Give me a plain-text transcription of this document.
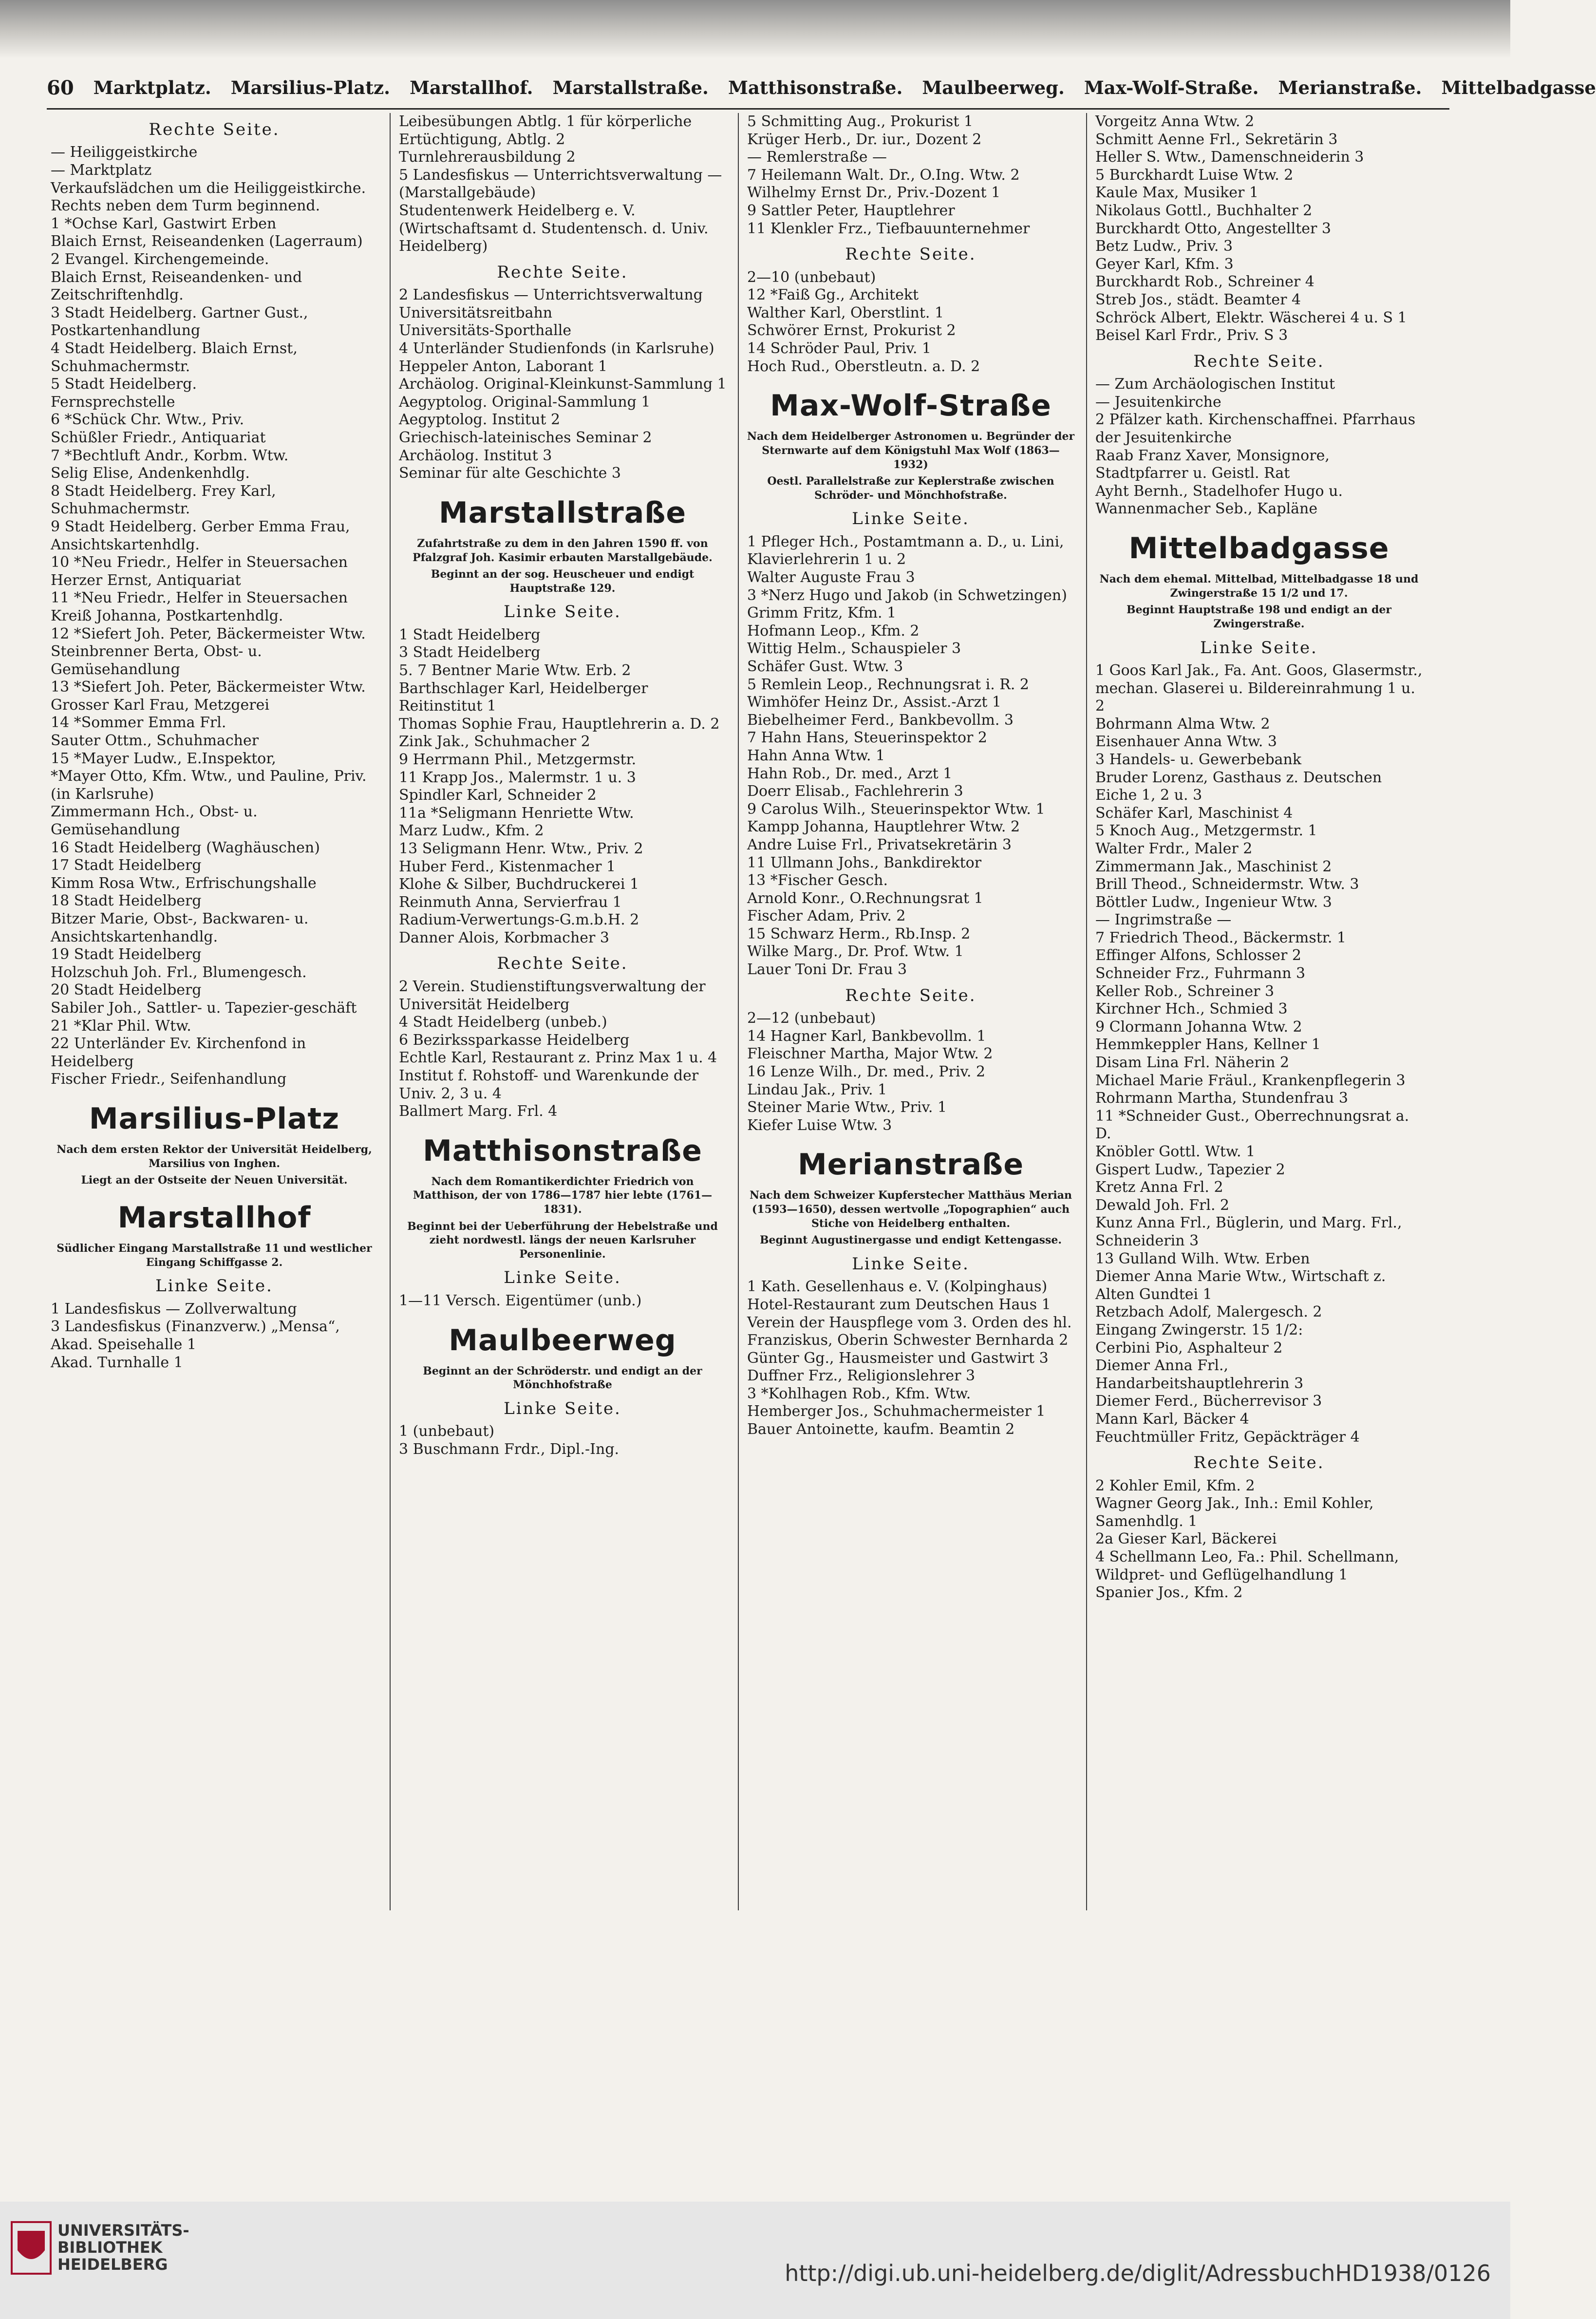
60 Marktplatz. Marsilius-Platz. Marstallhof. Marstallstraße. Matthisonstraße. Maulbeerweg. Max-Wolf-Straße. Merianstraße. Mittelbadgasse
Rechte Seite.
— Heiliggeistkirche
— Marktplatz
Verkaufslädchen um die Heiliggeistkirche.
Rechts neben dem Turm beginnend.
1 *Ochse Karl, Gastwirt Erben
Blaich Ernst, Reiseandenken (Lagerraum)
2 Evangel. Kirchengemeinde.
Blaich Ernst, Reiseandenken- und Zeitschriftenhdlg.
3 Stadt Heidelberg. Gartner Gust., Postkartenhandlung
4 Stadt Heidelberg. Blaich Ernst, Schuhmachermstr.
5 Stadt Heidelberg.
Fernsprechstelle
6 *Schück Chr. Wtw., Priv.
Schüßler Friedr., Antiquariat
7 *Bechtluft Andr., Korbm. Wtw.
Selig Elise, Andenkenhdlg.
8 Stadt Heidelberg. Frey Karl, Schuhmachermstr.
9 Stadt Heidelberg. Gerber Emma Frau, Ansichtskartenhdlg.
10 *Neu Friedr., Helfer in Steuersachen
Herzer Ernst, Antiquariat
11 *Neu Friedr., Helfer in Steuersachen
Kreiß Johanna, Postkartenhdlg.
12 *Siefert Joh. Peter, Bäckermeister Wtw.
Steinbrenner Berta, Obst- u. Gemüsehandlung
13 *Siefert Joh. Peter, Bäckermeister Wtw.
Grosser Karl Frau, Metzgerei
14 *Sommer Emma Frl.
Sauter Ottm., Schuhmacher
15 *Mayer Ludw., E.Inspektor,
*Mayer Otto, Kfm. Wtw., und Pauline, Priv. (in Karlsruhe)
Zimmermann Hch., Obst- u. Gemüsehandlung
16 Stadt Heidelberg (Waghäuschen)
17 Stadt Heidelberg
Kimm Rosa Wtw., Erfrischungshalle
18 Stadt Heidelberg
Bitzer Marie, Obst-, Backwaren- u. Ansichtskartenhandlg.
19 Stadt Heidelberg
Holzschuh Joh. Frl., Blumengesch.
20 Stadt Heidelberg
Sabiler Joh., Sattler- u. Tapezier-geschäft
21 *Klar Phil. Wtw.
22 Unterländer Ev. Kirchenfond in Heidelberg
Fischer Friedr., Seifenhandlung
Marsilius-Platz
Nach dem ersten Rektor der Universität Heidelberg, Marsilius von Inghen.
Liegt an der Ostseite der Neuen Universität.
Marstallhof
Südlicher Eingang Marstallstraße 11 und westlicher Eingang Schiffgasse 2.
Linke Seite.
1 Landesfiskus — Zollverwaltung
3 Landesfiskus (Finanzverw.) „Mensa“, Akad. Speisehalle 1
Akad. Turnhalle 1
Leibesübungen Abtlg. 1 für körperliche Ertüchtigung, Abtlg. 2
Turnlehrerausbildung 2
5 Landesfiskus — Unterrichtsverwaltung — (Marstallgebäude)
Studentenwerk Heidelberg e. V. (Wirtschaftsamt d. Studentensch. d. Univ. Heidelberg)
Rechte Seite.
2 Landesfiskus — Unterrichtsverwaltung
Universitätsreitbahn
Universitäts-Sporthalle
4 Unterländer Studienfonds (in Karlsruhe)
Heppeler Anton, Laborant 1
Archäolog. Original-Kleinkunst-Sammlung 1
Aegyptolog. Original-Sammlung 1
Aegyptolog. Institut 2
Griechisch-lateinisches Seminar 2
Archäolog. Institut 3
Seminar für alte Geschichte 3
Marstallstraße
Zufahrtstraße zu dem in den Jahren 1590 ff. von Pfalzgraf Joh. Kasimir erbauten Marstallgebäude.
Beginnt an der sog. Heuscheuer und endigt Hauptstraße 129.
Linke Seite.
1 Stadt Heidelberg
3 Stadt Heidelberg
5. 7 Bentner Marie Wtw. Erb. 2
Barthschlager Karl, Heidelberger Reitinstitut 1
Thomas Sophie Frau, Hauptlehrerin a. D. 2
Zink Jak., Schuhmacher 2
9 Herrmann Phil., Metzgermstr.
11 Krapp Jos., Malermstr. 1 u. 3
Spindler Karl, Schneider 2
11a *Seligmann Henriette Wtw.
Marz Ludw., Kfm. 2
13 Seligmann Henr. Wtw., Priv. 2
Huber Ferd., Kistenmacher 1
Klohe & Silber, Buchdruckerei 1
Reinmuth Anna, Servierfrau 1
Radium-Verwertungs-G.m.b.H. 2
Danner Alois, Korbmacher 3
Rechte Seite.
2 Verein. Studienstiftungsverwaltung der Universität Heidelberg
4 Stadt Heidelberg (unbeb.)
6 Bezirkssparkasse Heidelberg
Echtle Karl, Restaurant z. Prinz Max 1 u. 4
Institut f. Rohstoff- und Warenkunde der Univ. 2, 3 u. 4
Ballmert Marg. Frl. 4
Matthisonstraße
Nach dem Romantikerdichter Friedrich von Matthison, der von 1786—1787 hier lebte (1761—1831).
Beginnt bei der Ueberführung der Hebelstraße und zieht nordwestl. längs der neuen Karlsruher Personenlinie.
Linke Seite.
1—11 Versch. Eigentümer (unb.)
Maulbeerweg
Beginnt an der Schröderstr. und endigt an der Mönchhofstraße
Linke Seite.
1 (unbebaut)
3 Buschmann Frdr., Dipl.-Ing.
5 Schmitting Aug., Prokurist 1
Krüger Herb., Dr. iur., Dozent 2
— Remlerstraße —
7 Heilemann Walt. Dr., O.Ing. Wtw. 2
Wilhelmy Ernst Dr., Priv.-Dozent 1
9 Sattler Peter, Hauptlehrer
11 Klenkler Frz., Tiefbauunternehmer
Rechte Seite.
2—10 (unbebaut)
12 *Faiß Gg., Architekt
Walther Karl, Oberstlint. 1
Schwörer Ernst, Prokurist 2
14 Schröder Paul, Priv. 1
Hoch Rud., Oberstleutn. a. D. 2
Max-Wolf-Straße
Nach dem Heidelberger Astronomen u. Begründer der Sternwarte auf dem Königstuhl Max Wolf (1863—1932)
Oestl. Parallelstraße zur Keplerstraße zwischen Schröder- und Mönchhofstraße.
Linke Seite.
1 Pfleger Hch., Postamtmann a. D., u. Lini, Klavierlehrerin 1 u. 2
Walter Auguste Frau 3
3 *Nerz Hugo und Jakob (in Schwetzingen)
Grimm Fritz, Kfm. 1
Hofmann Leop., Kfm. 2
Wittig Helm., Schauspieler 3
Schäfer Gust. Wtw. 3
5 Remlein Leop., Rechnungsrat i. R. 2
Wimhöfer Heinz Dr., Assist.-Arzt 1
Biebelheimer Ferd., Bankbevollm. 3
7 Hahn Hans, Steuerinspektor 2
Hahn Anna Wtw. 1
Hahn Rob., Dr. med., Arzt 1
Doerr Elisab., Fachlehrerin 3
9 Carolus Wilh., Steuerinspektor Wtw. 1
Kampp Johanna, Hauptlehrer Wtw. 2
Andre Luise Frl., Privatsekretärin 3
11 Ullmann Johs., Bankdirektor
13 *Fischer Gesch.
Arnold Konr., O.Rechnungsrat 1
Fischer Adam, Priv. 2
15 Schwarz Herm., Rb.Insp. 2
Wilke Marg., Dr. Prof. Wtw. 1
Lauer Toni Dr. Frau 3
Rechte Seite.
2—12 (unbebaut)
14 Hagner Karl, Bankbevollm. 1
Fleischner Martha, Major Wtw. 2
16 Lenze Wilh., Dr. med., Priv. 2
Lindau Jak., Priv. 1
Steiner Marie Wtw., Priv. 1
Kiefer Luise Wtw. 3
Merianstraße
Nach dem Schweizer Kupferstecher Matthäus Merian (1593—1650), dessen wertvolle „Topographien“ auch Stiche von Heidelberg enthalten.
Beginnt Augustinergasse und endigt Kettengasse.
Linke Seite.
1 Kath. Gesellenhaus e. V. (Kolpinghaus)
Hotel-Restaurant zum Deutschen Haus 1
Verein der Hauspflege vom 3. Orden des hl. Franziskus, Oberin Schwester Bernharda 2
Günter Gg., Hausmeister und Gastwirt 3
Duffner Frz., Religionslehrer 3
3 *Kohlhagen Rob., Kfm. Wtw.
Hemberger Jos., Schuhmachermeister 1
Bauer Antoinette, kaufm. Beamtin 2
Vorgeitz Anna Wtw. 2
Schmitt Aenne Frl., Sekretärin 3
Heller S. Wtw., Damenschneiderin 3
5 Burckhardt Luise Wtw. 2
Kaule Max, Musiker 1
Nikolaus Gottl., Buchhalter 2
Burckhardt Otto, Angestellter 3
Betz Ludw., Priv. 3
Geyer Karl, Kfm. 3
Burckhardt Rob., Schreiner 4
Streb Jos., städt. Beamter 4
Schröck Albert, Elektr. Wäscherei 4 u. S 1
Beisel Karl Frdr., Priv. S 3
Rechte Seite.
— Zum Archäologischen Institut
— Jesuitenkirche
2 Pfälzer kath. Kirchenschaffnei. Pfarrhaus der Jesuitenkirche
Raab Franz Xaver, Monsignore, Stadtpfarrer u. Geistl. Rat
Ayht Bernh., Stadelhofer Hugo u. Wannenmacher Seb., Kapläne
Mittelbadgasse
Nach dem ehemal. Mittelbad, Mittelbadgasse 18 und Zwingerstraße 15 1/2 und 17.
Beginnt Hauptstraße 198 und endigt an der Zwingerstraße.
Linke Seite.
1 Goos Karl Jak., Fa. Ant. Goos, Glasermstr., mechan. Glaserei u. Bildereinrahmung 1 u. 2
Bohrmann Alma Wtw. 2
Eisenhauer Anna Wtw. 3
3 Handels- u. Gewerbebank
Bruder Lorenz, Gasthaus z. Deutschen Eiche 1, 2 u. 3
Schäfer Karl, Maschinist 4
5 Knoch Aug., Metzgermstr. 1
Walter Frdr., Maler 2
Zimmermann Jak., Maschinist 2
Brill Theod., Schneidermstr. Wtw. 3
Böttler Ludw., Ingenieur Wtw. 3
— Ingrimstraße —
7 Friedrich Theod., Bäckermstr. 1
Effinger Alfons, Schlosser 2
Schneider Frz., Fuhrmann 3
Keller Rob., Schreiner 3
Kirchner Hch., Schmied 3
9 Clormann Johanna Wtw. 2
Hemmkeppler Hans, Kellner 1
Disam Lina Frl. Näherin 2
Michael Marie Fräul., Krankenpflegerin 3
Rohrmann Martha, Stundenfrau 3
11 *Schneider Gust., Oberrechnungsrat a. D.
Knöbler Gottl. Wtw. 1
Gispert Ludw., Tapezier 2
Kretz Anna Frl. 2
Dewald Joh. Frl. 2
Kunz Anna Frl., Büglerin, und Marg. Frl., Schneiderin 3
13 Gulland Wilh. Wtw. Erben
Diemer Anna Marie Wtw., Wirtschaft z. Alten Gundtei 1
Retzbach Adolf, Malergesch. 2
Eingang Zwingerstr. 15 1/2:
Cerbini Pio, Asphalteur 2
Diemer Anna Frl., Handarbeitshauptlehrerin 3
Diemer Ferd., Bücherrevisor 3
Mann Karl, Bäcker 4
Feuchtmüller Fritz, Gepäckträger 4
Rechte Seite.
2 Kohler Emil, Kfm. 2
Wagner Georg Jak., Inh.: Emil Kohler, Samenhdlg. 1
2a Gieser Karl, Bäckerei
4 Schellmann Leo, Fa.: Phil. Schellmann, Wildpret- und Geflügelhandlung 1
Spanier Jos., Kfm. 2
UNIVERSITÄTS-
BIBLIOTHEK
HEIDELBERG	http://digi.ub.uni-heidelberg.de/diglit/AdressbuchHD1938/0126
